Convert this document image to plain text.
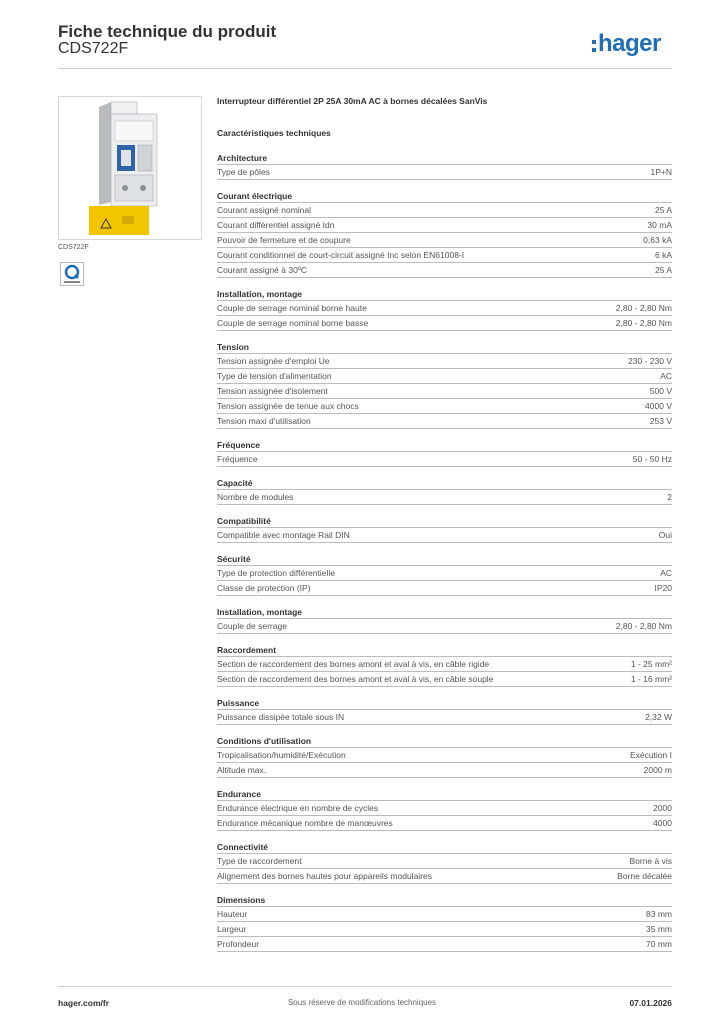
Fiche technique du produit
CDS722F	hager
CDS722F
Interrupteur différentiel 2P 25A 30mA AC à bornes décalées SanVis
Caractéristiques techniques
Architecture
Type de pôles	1P+N
Courant électrique
Courant assigné nominal	25 A
Courant différentiel assigné Idn	30 mA
Pouvoir de fermeture et de coupure	0,63 kA
Courant conditionnel de court-circuit assigné Inc selon EN61008-I	6 kA
Courant assigné à 30ºC	25 A
Installation, montage
Couple de serrage nominal borne haute	2,80 - 2,80 Nm
Couple de serrage nominal borne basse	2,80 - 2,80 Nm
Tension
Tension assignée d'emploi Ue	230 - 230 V
Type de tension d'alimentation	AC
Tension assignée d'isolement	500 V
Tension assignée de tenue aux chocs	4000 V
Tension maxi d'utilisation	253 V
Fréquence
Fréquence	50 - 50 Hz
Capacité
Nombre de modules	2
Compatibilité
Compatible avec montage Rail DIN	Oui
Sécurité
Type de protection différentielle	AC
Classe de protection (IP)	IP20
Installation, montage
Couple de serrage	2,80 - 2,80 Nm
Raccordement
Section de raccordement des bornes amont et aval à vis, en câble rigide	1 - 25 mm²
Section de raccordement des bornes amont et aval à vis, en câble souple	1 - 16 mm²
Puissance
Puissance dissipée totale sous IN	2,32 W
Conditions d'utilisation
Tropicalisation/humidité/Exécution	Exécution I
Altitude max.	2000 m
Endurance
Endurance électrique en nombre de cycles	2000
Endurance mécanique nombre de manœuvres	4000
Connectivité
Type de raccordement	Borne à vis
Alignement des bornes hautes pour appareils modulaires	Borne décalée
Dimensions
Hauteur	83 mm
Largeur	35 mm
Profondeur	70 mm
hager.com/fr	Sous réserve de modifications techniques	07.01.2026
